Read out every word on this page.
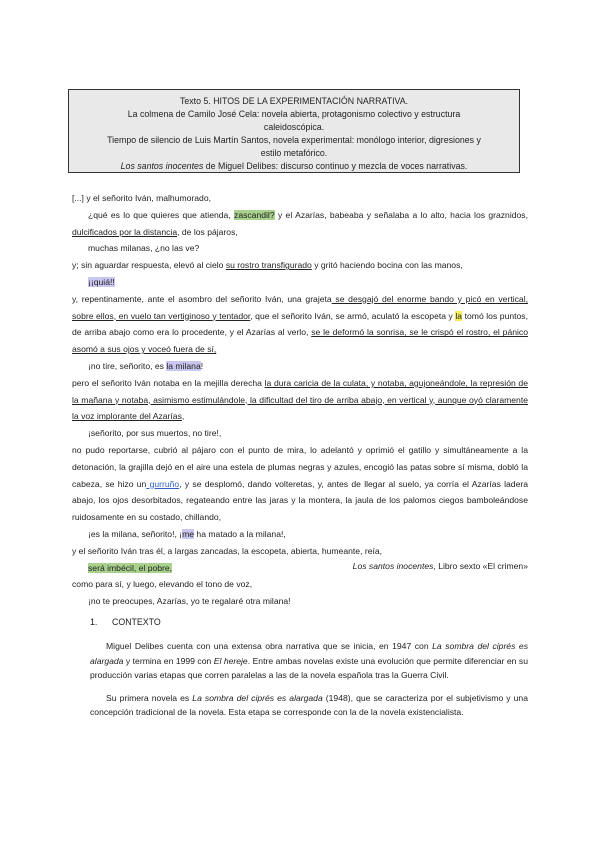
Texto 5. HITOS DE LA EXPERIMENTACIÓN NARRATIVA.
La colmena de Camilo José Cela: novela abierta, protagonismo colectivo y estructura
caleidoscópica.
Tiempo de silencio de Luis Martín Santos, novela experimental: monólogo interior, digresiones y
estilo metafórico.
Los santos inocentes de Miguel Delibes: discurso continuo y mezcla de voces narrativas.

[...] y el señorito Iván, malhumorado,

¿qué es lo que quieres que atienda, zascandil? y el Azarías, babeaba y señalaba a lo alto, hacia los graznidos, dulcificados por la distancia, de los pájaros,

muchas milanas, ¿no las ve?

y; sin aguardar respuesta, elevó al cielo su rostro transfigurado y gritó haciendo bocina con las manos,

¡¡quiá!!

y, repentinamente, ante el asombro del señorito Iván, una grajeta se desgajó del enorme bando y picó en vertical, sobre ellos, en vuelo tan vertiginoso y tentador, que el señorito Iván, se armó, aculató la escopeta y la tomó los puntos, de arriba abajo como era lo procedente, y el Azarías al verlo, se le deformó la sonrisa, se le crispó el rostro, el pánico asomó a sus ojos y voceó fuera de sí,

¡no tire, señorito, es la milana!

pero el señorito Iván notaba en la mejilla derecha la dura caricia de la culata, y notaba, agujoneándole, la represión de la mañana y notaba, asimismo estimulándole, la dificultad del tiro de arriba abajo, en vertical y, aunque oyó claramente la voz implorante del Azarías,

¡señorito, por sus muertos, no tire!,

no pudo reportarse, cubrió al pájaro con el punto de mira, lo adelantó y oprimió el gatillo y simultáneamente a la detonación, la grajilla dejó en el aire una estela de plumas negras y azules, encogió las patas sobre sí misma, dobló la cabeza, se hizo un gurruño, y se desplomó, dando volteretas, y, antes de llegar al suelo, ya corría el Azarías ladera abajo, los ojos desorbitados, regateando entre las jaras y la montera, la jaula de los palomos ciegos bamboleándose ruidosamente en su costado, chillando,

¡es la milana, señorito!, ¡me ha matado a la milana!,

y el señorito Iván tras él, a largas zancadas, la escopeta, abierta, humeante, reía,

será imbécil, el pobre,

como para sí, y luego, elevando el tono de voz,

¡no te preocupes, Azarías, yo te regalaré otra milana!

Los santos inocentes, Libro sexto «El crimen»
1. CONTEXTO

Miguel Delibes cuenta con una extensa obra narrativa que se inicia, en 1947 con La sombra del ciprés es alargada y termina en 1999 con El hereje. Entre ambas novelas existe una evolución que permite diferenciar en su producción varias etapas que corren paralelas a las de la novela española tras la Guerra Civil.

Su primera novela es La sombra del ciprés es alargada (1948), que se caracteriza por el subjetivismo y una concepción tradicional de la novela. Esta etapa se corresponde con la de la novela existencialista.
